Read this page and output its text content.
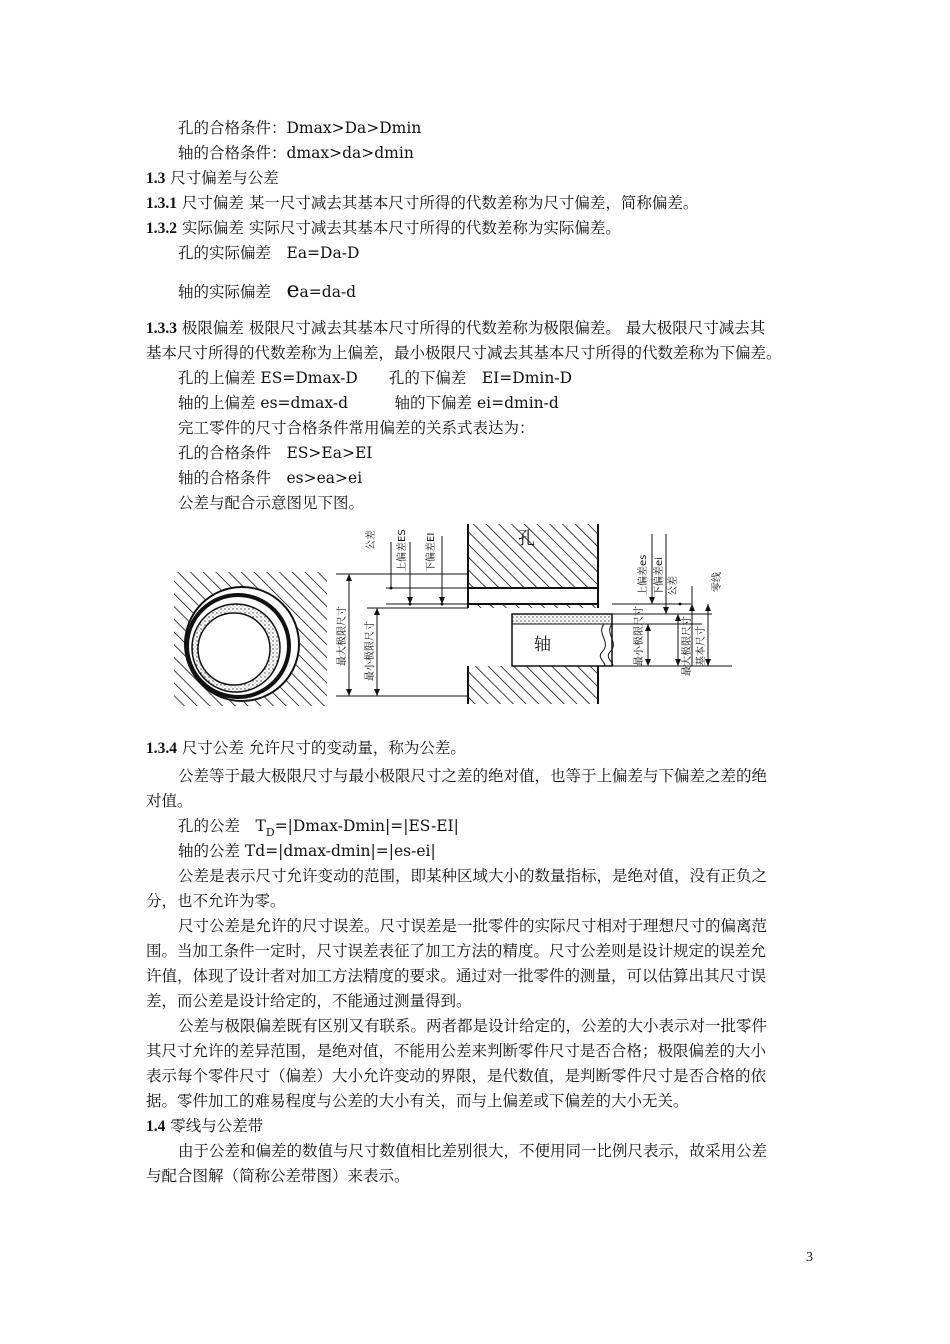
孔的合格条件：Dmax>Da>Dmin
轴的合格条件：dmax>da>dmin
1.3 尺寸偏差与公差
1.3.1 尺寸偏差 某一尺寸减去其基本尺寸所得的代数差称为尺寸偏差，简称偏差。
1.3.2 实际偏差 实际尺寸减去其基本尺寸所得的代数差称为实际偏差。
孔的实际偏差　Ea=Da-D
轴的实际偏差　ea=da-d
1.3.3 极限偏差 极限尺寸减去其基本尺寸所得的代数差称为极限偏差。 最大极限尺寸减去其
基本尺寸所得的代数差称为上偏差，最小极限尺寸减去其基本尺寸所得的代数差称为下偏差。
孔的上偏差 ES=Dmax-D　　孔的下偏差　EI=Dmin-D
轴的上偏差 es=dmax-d　　　轴的下偏差 ei=dmin-d
完工零件的尺寸合格条件常用偏差的关系式表达为：
孔的合格条件　ES>Ea>EI
轴的合格条件　es>ea>ei
公差与配合示意图见下图。
公差 上偏差ES 下偏差EI
最大极限尺寸 最小极限尺寸
孔
轴
上偏差es 下偏差ei 公差	零线
最小极限尺寸	最大极限尺寸 基本尺寸
1.3.4 尺寸公差 允许尺寸的变动量，称为公差。
公差等于最大极限尺寸与最小极限尺寸之差的绝对值，也等于上偏差与下偏差之差的绝
对值。
孔的公差　$T_D=|Dmax-Dmin|=|ES-EI|$
轴的公差 Td=|dmax-dmin|=|es-ei|
公差是表示尺寸允许变动的范围，即某种区域大小的数量指标，是绝对值，没有正负之
分，也不允许为零。
尺寸公差是允许的尺寸误差。尺寸误差是一批零件的实际尺寸相对于理想尺寸的偏离范
围。当加工条件一定时，尺寸误差表征了加工方法的精度。尺寸公差则是设计规定的误差允
许值，体现了设计者对加工方法精度的要求。通过对一批零件的测量，可以估算出其尺寸误
差，而公差是设计给定的，不能通过测量得到。
公差与极限偏差既有区别又有联系。两者都是设计给定的，公差的大小表示对一批零件
其尺寸允许的差异范围，是绝对值，不能用公差来判断零件尺寸是否合格；极限偏差的大小
表示每个零件尺寸（偏差）大小允许变动的界限，是代数值，是判断零件尺寸是否合格的依
据。零件加工的难易程度与公差的大小有关，而与上偏差或下偏差的大小无关。
1.4 零线与公差带
由于公差和偏差的数值与尺寸数值相比差别很大，不便用同一比例尺表示，故采用公差
与配合图解（简称公差带图）来表示。
3
